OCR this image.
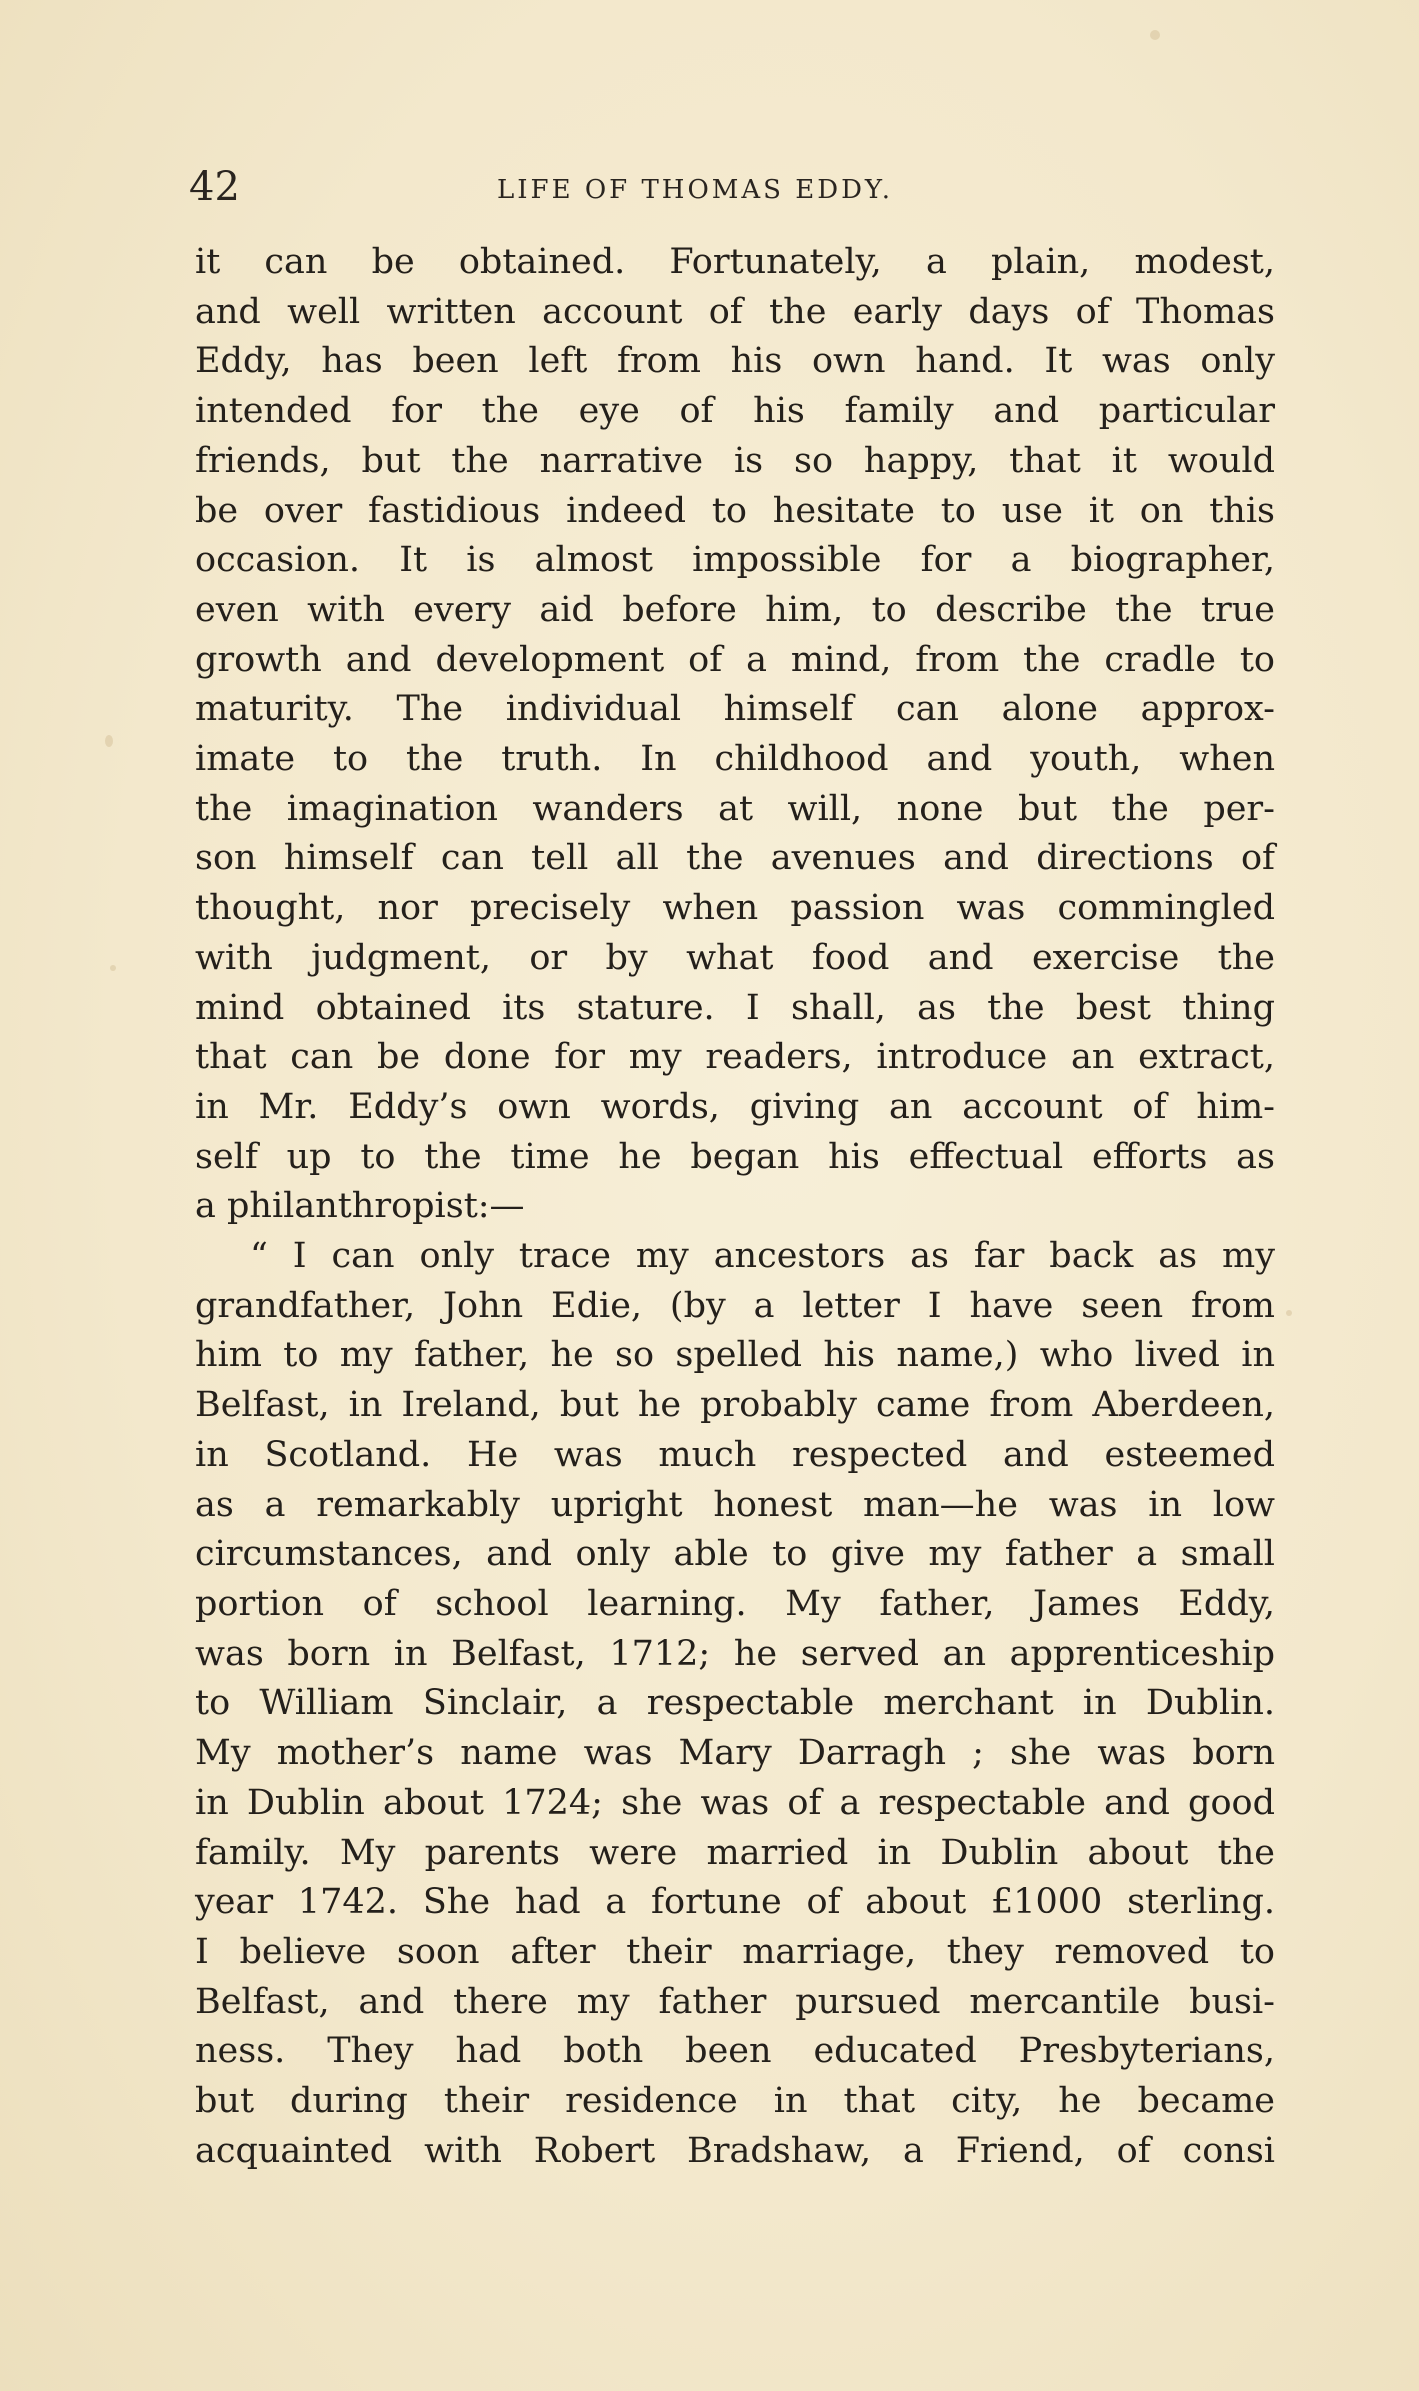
42	LIFE OF THOMAS EDDY.
it can be obtained. Fortunately, a plain, modest,
and well written account of the early days of Thomas
Eddy, has been left from his own hand. It was only
intended for the eye of his family and particular
friends, but the narrative is so happy, that it would
be over fastidious indeed to hesitate to use it on this
occasion. It is almost impossible for a biographer,
even with every aid before him, to describe the true
growth and development of a mind, from the cradle to
maturity. The individual himself can alone approx-
imate to the truth. In childhood and youth, when
the imagination wanders at will, none but the per-
son himself can tell all the avenues and directions of
thought, nor precisely when passion was commingled
with judgment, or by what food and exercise the
mind obtained its stature. I shall, as the best thing
that can be done for my readers, introduce an extract,
in Mr. Eddy’s own words, giving an account of him-
self up to the time he began his effectual efforts as
a philanthropist:—
“ I can only trace my ancestors as far back as my
grandfather, John Edie, (by a letter I have seen from
him to my father, he so spelled his name,) who lived in
Belfast, in Ireland, but he probably came from Aberdeen,
in Scotland. He was much respected and esteemed
as a remarkably upright honest man—he was in low
circumstances, and only able to give my father a small
portion of school learning. My father, James Eddy,
was born in Belfast, 1712; he served an apprenticeship
to William Sinclair, a respectable merchant in Dublin.
My mother’s name was Mary Darragh ; she was born
in Dublin about 1724; she was of a respectable and good
family. My parents were married in Dublin about the
year 1742. She had a fortune of about £1000 sterling.
I believe soon after their marriage, they removed to
Belfast, and there my father pursued mercantile busi-
ness. They had both been educated Presbyterians,
but during their residence in that city, he became
acquainted with Robert Bradshaw, a Friend, of consi
